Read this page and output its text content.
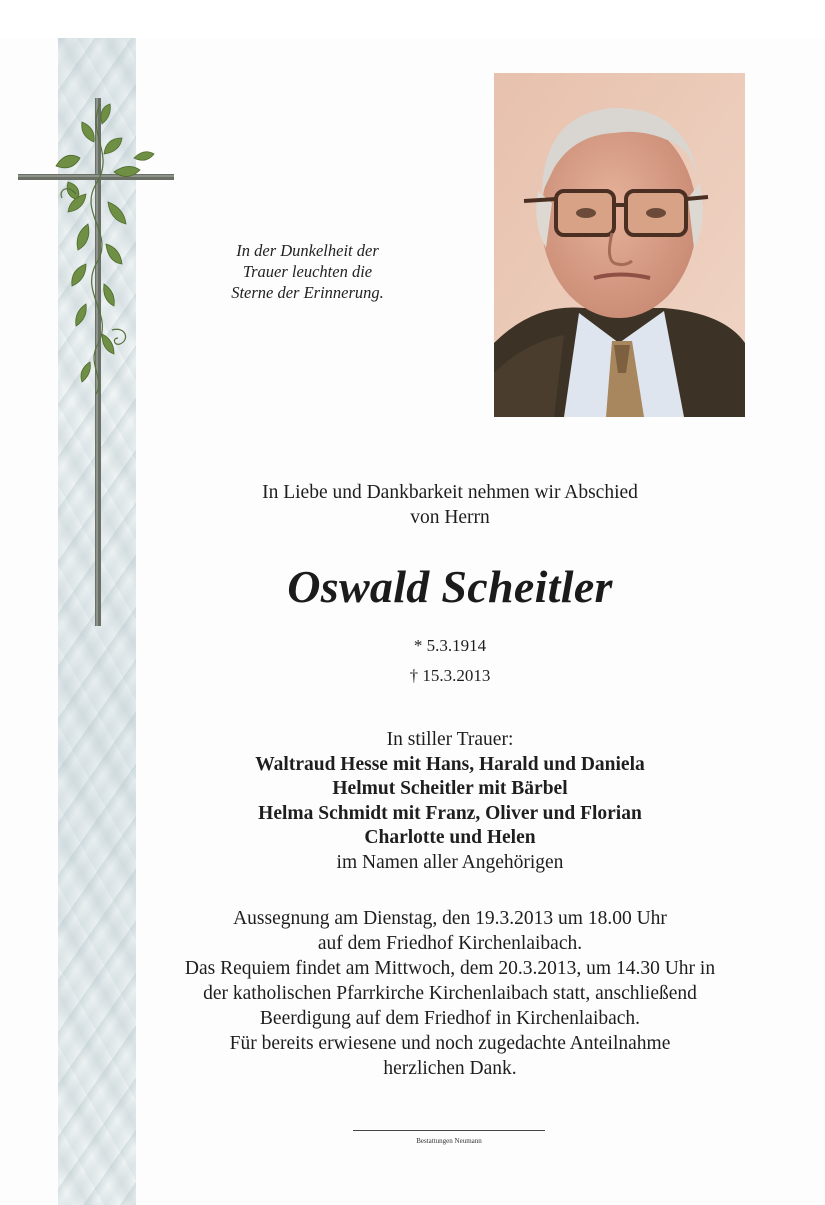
In der Dunkelheit der
Trauer leuchten die
Sterne der Erinnerung.
In Liebe und Dankbarkeit nehmen wir Abschied
von Herrn
Oswald Scheitler
* 5.3.1914
† 15.3.2013
In stiller Trauer:
Waltraud Hesse mit Hans, Harald und Daniela
Helmut Scheitler mit Bärbel
Helma Schmidt mit Franz, Oliver und Florian
Charlotte und Helen
im Namen aller Angehörigen
Aussegnung am Dienstag, den 19.3.2013 um 18.00 Uhr
auf dem Friedhof Kirchenlaibach.
Das Requiem findet am Mittwoch, dem 20.3.2013, um 14.30 Uhr in
der katholischen Pfarrkirche Kirchenlaibach statt, anschließend
Beerdigung auf dem Friedhof in Kirchenlaibach.
Für bereits erwiesene und noch zugedachte Anteilnahme
herzlichen Dank.
Bestattungen Neumann
